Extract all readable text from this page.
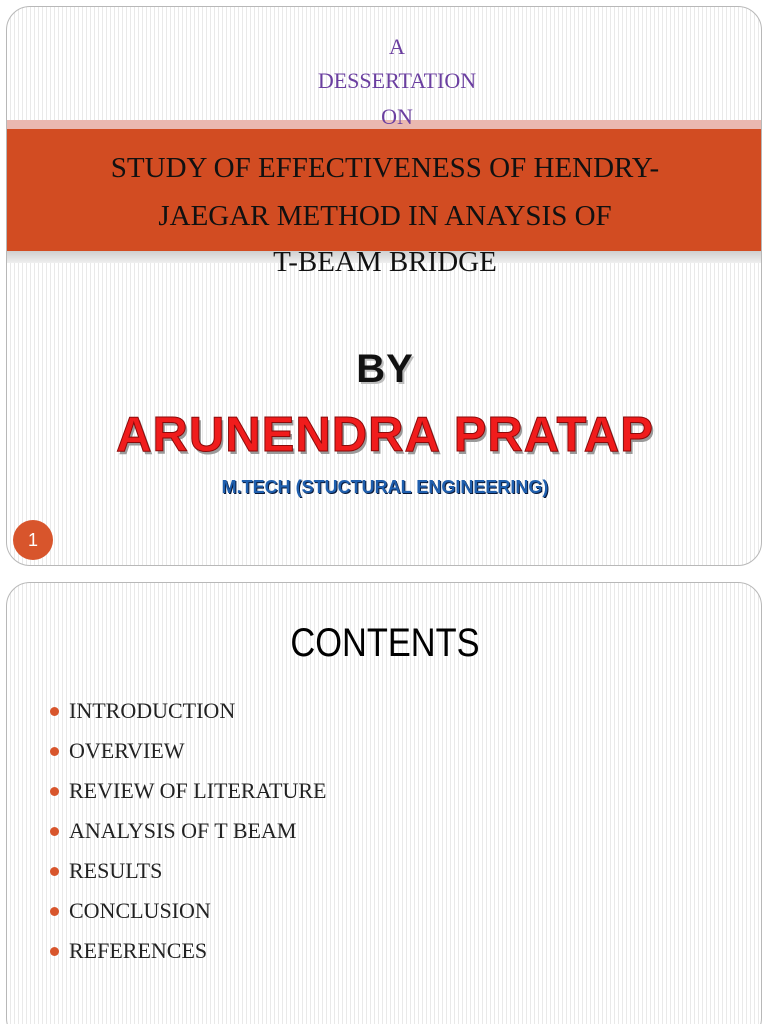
A
DESSERTATION
ON
STUDY OF EFFECTIVENESS OF HENDRY-
JAEGAR METHOD IN ANAYSIS OF
T-BEAM BRIDGE
BY
ARUNENDRA PRATAP
M.TECH (STUCTURAL ENGINEERING)
1
CONTENTS
INTRODUCTION
OVERVIEW
REVIEW OF LITERATURE
ANALYSIS OF T BEAM
RESULTS
CONCLUSION
REFERENCES
